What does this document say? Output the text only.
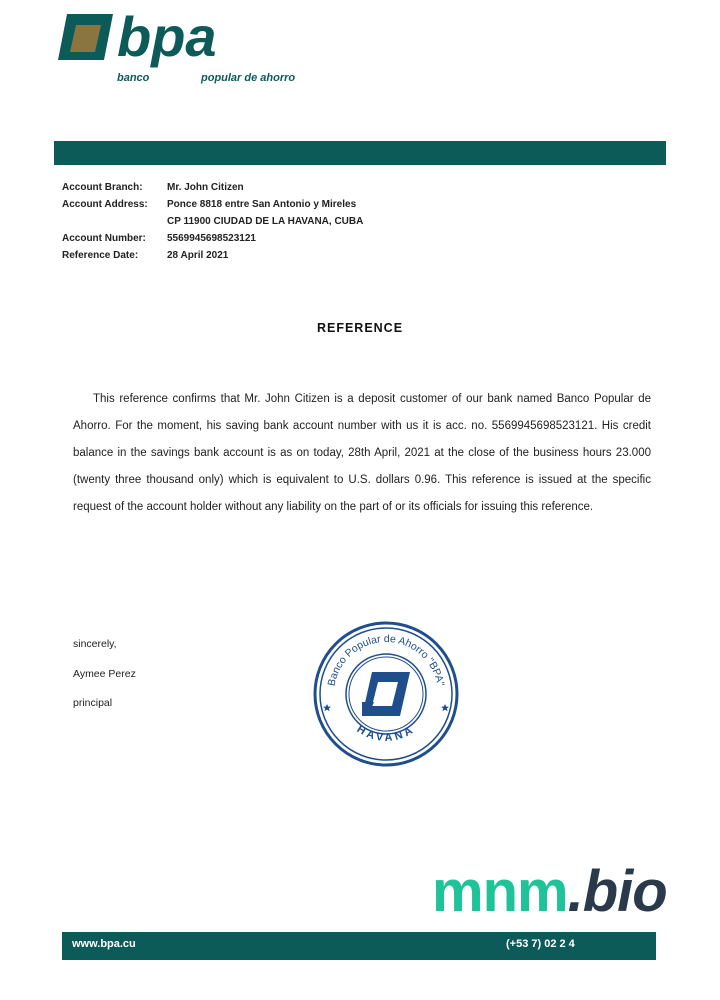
bpa
banco	popular de ahorro
Account Branch: Mr. John Citizen
Account Address: Ponce 8818 entre San Antonio y Mireles
CP 11900 CIUDAD DE LA HAVANA, CUBA
Account Number: 5569945698523121
Reference Date:	28 April 2021
REFERENCE
This reference confirms that Mr. John Citizen is a deposit customer of our bank named Banco Popular de Ahorro. For the moment, his saving bank account number with us it is acc. no. 5569945698523121. His credit balance in the savings bank account is as on today, 28th April, 2021 at the close of the business hours 23.000 (twenty three thousand only) which is equivalent to U.S. dollars 0.96. This reference is issued at the specific request of the account holder without any liability on the part of or its officials for issuing this reference.
sincerely,
Aymee Perez
principal
Banco Popular de Ahorro "BPA"
HAVANA
www.bpa.cu	(+53 7) 02 2 4
mnm.bio
